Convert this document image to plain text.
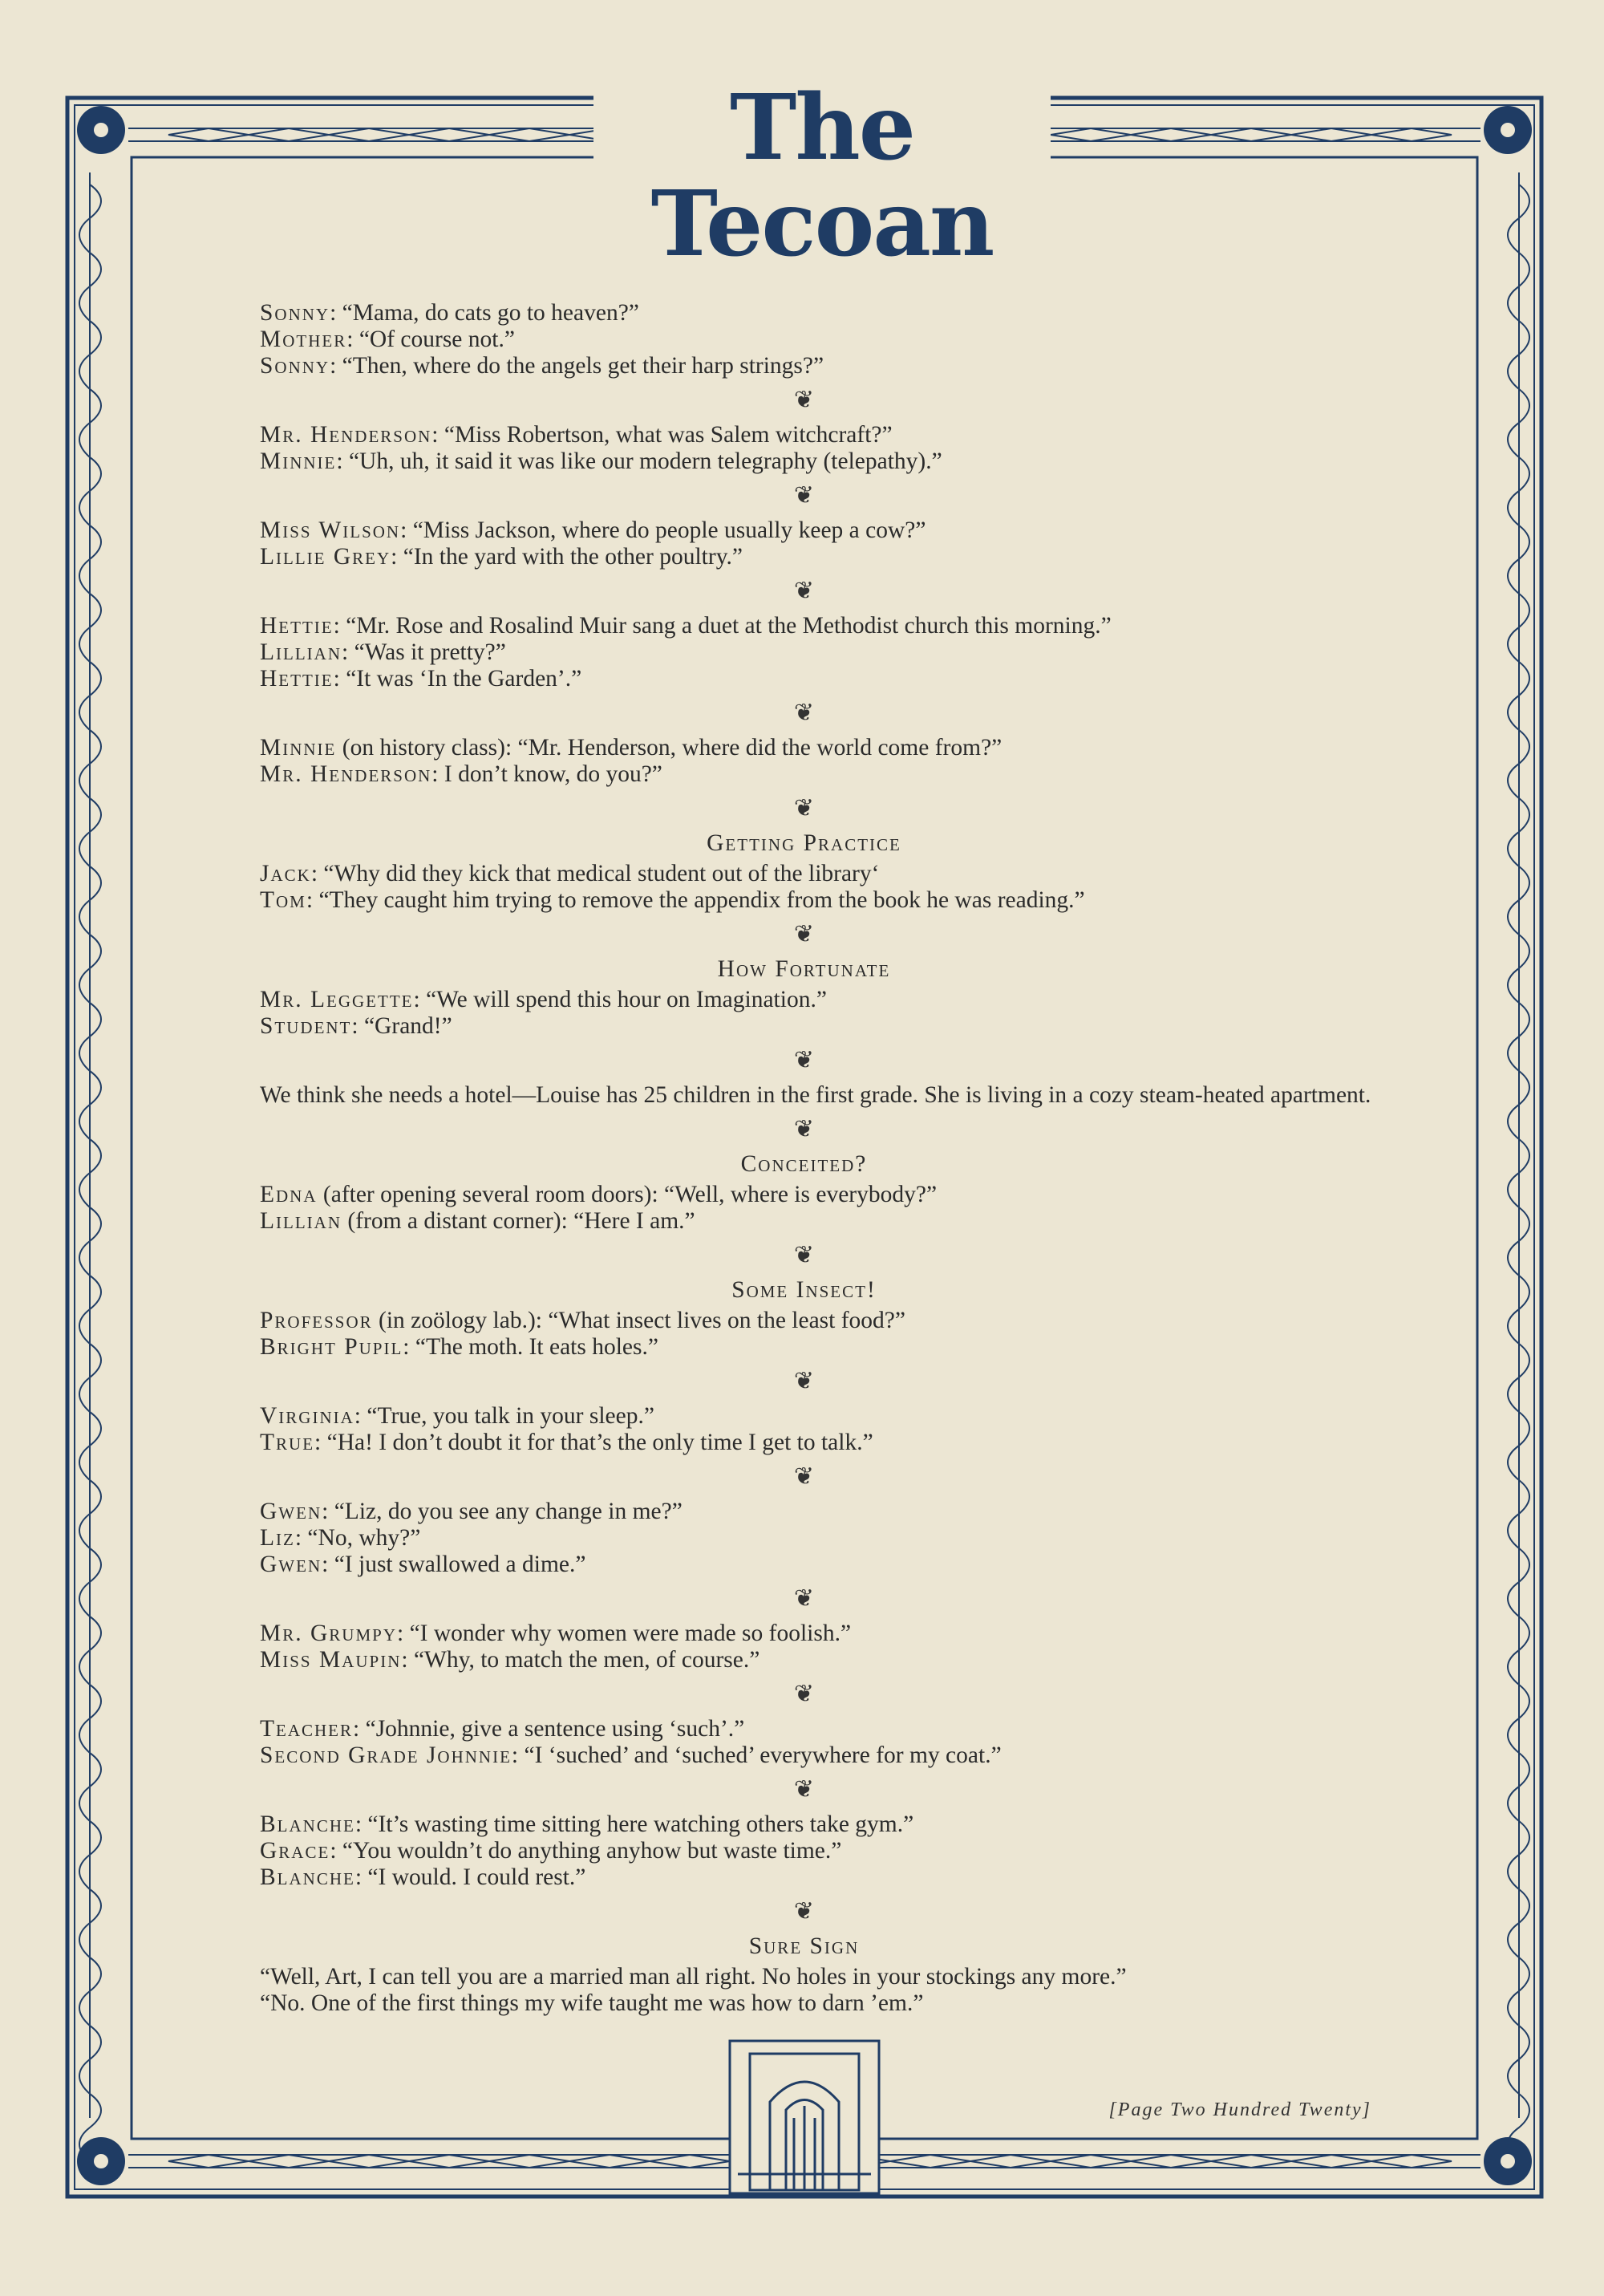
The Tecoan

Sonny: “Mama, do cats go to heaven?”

Mother: “Of course not.”

Sonny: “Then, where do the angels get their harp strings?”

❦

Mr. Henderson: “Miss Robertson, what was Salem witchcraft?”

Minnie: “Uh, uh, it said it was like our modern telegraphy (telepathy).”

❦

Miss Wilson: “Miss Jackson, where do people usually keep a cow?”

Lillie Grey: “In the yard with the other poultry.”

❦

Hettie: “Mr. Rose and Rosalind Muir sang a duet at the Methodist church this morning.”

Lillian: “Was it pretty?”

Hettie: “It was ‘In the Garden’.”

❦

Minnie (on history class): “Mr. Henderson, where did the world come from?”

Mr. Henderson: I don’t know, do you?”

❦
Getting Practice

Jack: “Why did they kick that medical student out of the library‘

Tom: “They caught him trying to remove the appendix from the book he was reading.”

❦
How Fortunate

Mr. Leggette: “We will spend this hour on Imagination.”

Student: “Grand!”

❦

We think she needs a hotel—Louise has 25 children in the first grade. She is living in a cozy steam-heated apartment.

❦
Conceited?

Edna (after opening several room doors): “Well, where is everybody?”

Lillian (from a distant corner): “Here I am.”

❦
Some Insect!

Professor (in zoölogy lab.): “What insect lives on the least food?”

Bright Pupil: “The moth. It eats holes.”

❦

Virginia: “True, you talk in your sleep.”

True: “Ha! I don’t doubt it for that’s the only time I get to talk.”

❦

Gwen: “Liz, do you see any change in me?”

Liz: “No, why?”

Gwen: “I just swallowed a dime.”

❦

Mr. Grumpy: “I wonder why women were made so foolish.”

Miss Maupin: “Why, to match the men, of course.”

❦

Teacher: “Johnnie, give a sentence using ‘such’.”

Second Grade Johnnie: “I ‘suched’ and ‘suched’ everywhere for my coat.”

❦

Blanche: “It’s wasting time sitting here watching others take gym.”

Grace: “You wouldn’t do anything anyhow but waste time.”

Blanche: “I would. I could rest.”

❦
Sure Sign

“Well, Art, I can tell you are a married man all right. No holes in your stockings any more.”

“No. One of the first things my wife taught me was how to darn ’em.”

[Page Two Hundred Twenty]
